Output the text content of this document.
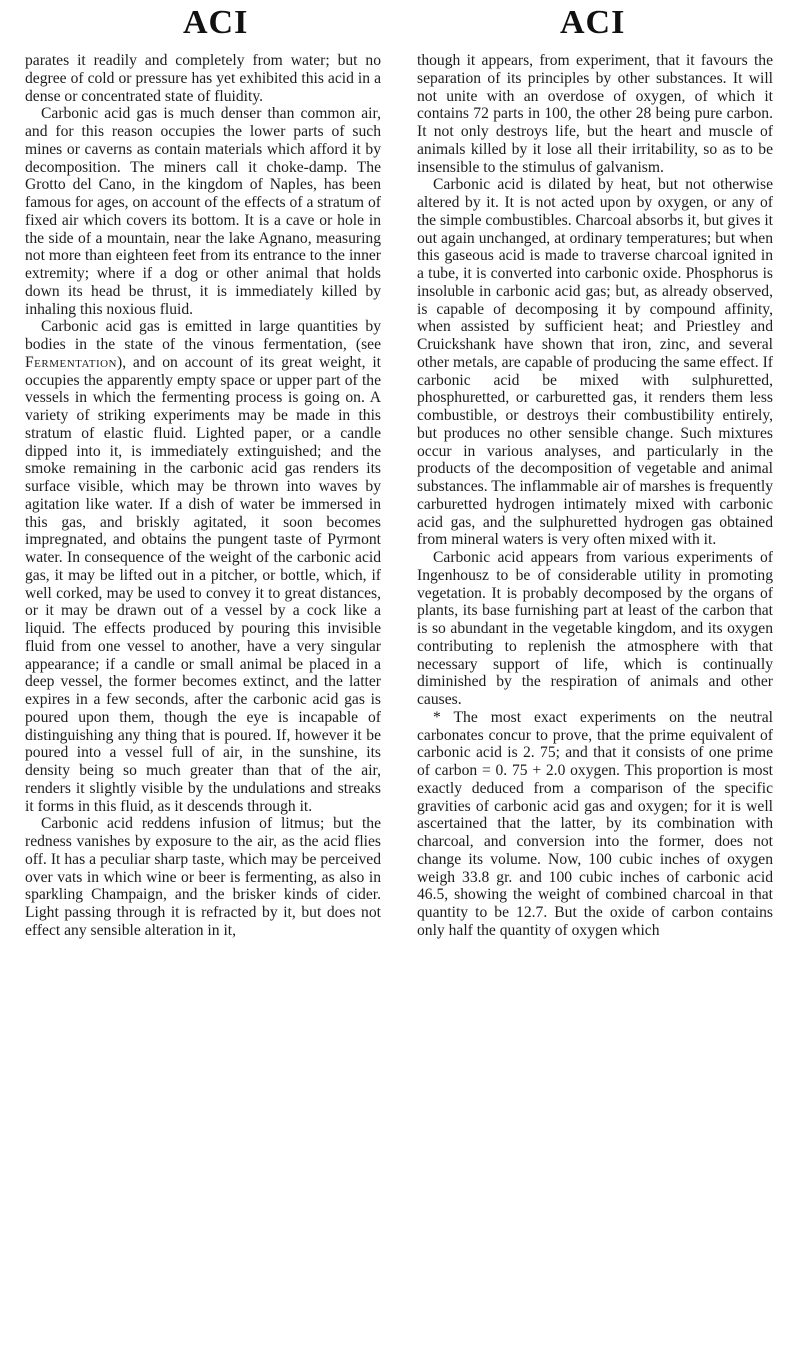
ACI	ACI

parates it readily and completely from water; but no degree of cold or pressure has yet exhibited this acid in a dense or concentrated state of fluidity.

Carbonic acid gas is much denser than common air, and for this reason occupies the lower parts of such mines or caverns as contain materials which afford it by decomposition. The miners call it choke-damp. The Grotto del Cano, in the kingdom of Naples, has been famous for ages, on account of the effects of a stratum of fixed air which covers its bottom. It is a cave or hole in the side of a mountain, near the lake Agnano, measuring not more than eighteen feet from its entrance to the inner extremity; where if a dog or other animal that holds down its head be thrust, it is immediately killed by inhaling this noxious fluid.

Carbonic acid gas is emitted in large quantities by bodies in the state of the vinous fermentation, (see Fermentation), and on account of its great weight, it occupies the apparently empty space or upper part of the vessels in which the fermenting process is going on. A variety of striking experiments may be made in this stratum of elastic fluid. Lighted paper, or a candle dipped into it, is immediately extinguished; and the smoke remaining in the carbonic acid gas renders its surface visible, which may be thrown into waves by agitation like water. If a dish of water be immersed in this gas, and briskly agitated, it soon becomes impregnated, and obtains the pungent taste of Pyrmont water. In consequence of the weight of the carbonic acid gas, it may be lifted out in a pitcher, or bottle, which, if well corked, may be used to convey it to great distances, or it may be drawn out of a vessel by a cock like a liquid. The effects produced by pouring this invisible fluid from one vessel to another, have a very singular appearance; if a candle or small animal be placed in a deep vessel, the former becomes extinct, and the latter expires in a few seconds, after the carbonic acid gas is poured upon them, though the eye is incapable of distinguishing any thing that is poured. If, however it be poured into a vessel full of air, in the sunshine, its density being so much greater than that of the air, renders it slightly visible by the undulations and streaks it forms in this fluid, as it descends through it.

Carbonic acid reddens infusion of litmus; but the redness vanishes by exposure to the air, as the acid flies off. It has a peculiar sharp taste, which may be perceived over vats in which wine or beer is fermenting, as also in sparkling Champaign, and the brisker kinds of cider. Light passing through it is refracted by it, but does not effect any sensible alteration in it,

though it appears, from experiment, that it favours the separation of its principles by other substances. It will not unite with an overdose of oxygen, of which it contains 72 parts in 100, the other 28 being pure carbon. It not only destroys life, but the heart and muscle of animals killed by it lose all their irritability, so as to be insensible to the stimulus of galvanism.

Carbonic acid is dilated by heat, but not otherwise altered by it. It is not acted upon by oxygen, or any of the simple combustibles. Charcoal absorbs it, but gives it out again unchanged, at ordinary temperatures; but when this gaseous acid is made to traverse charcoal ignited in a tube, it is converted into carbonic oxide. Phosphorus is insoluble in carbonic acid gas; but, as already observed, is capable of decomposing it by compound affinity, when assisted by sufficient heat; and Priestley and Cruickshank have shown that iron, zinc, and several other metals, are capable of producing the same effect. If carbonic acid be mixed with sulphuretted, phosphuretted, or carburetted gas, it renders them less combustible, or destroys their combustibility entirely, but produces no other sensible change. Such mixtures occur in various analyses, and particularly in the products of the decomposition of vegetable and animal substances. The inflammable air of marshes is frequently carburetted hydrogen intimately mixed with carbonic acid gas, and the sulphuretted hydrogen gas obtained from mineral waters is very often mixed with it.

Carbonic acid appears from various experiments of Ingenhousz to be of considerable utility in promoting vegetation. It is probably decomposed by the organs of plants, its base furnishing part at least of the carbon that is so abundant in the vegetable kingdom, and its oxygen contributing to replenish the atmosphere with that necessary support of life, which is continually diminished by the respiration of animals and other causes.

* The most exact experiments on the neutral carbonates concur to prove, that the prime equivalent of carbonic acid is 2. 75; and that it consists of one prime of carbon = 0. 75 + 2.0 oxygen. This proportion is most exactly deduced from a comparison of the specific gravities of carbonic acid gas and oxygen; for it is well ascertained that the latter, by its combination with charcoal, and conversion into the former, does not change its volume. Now, 100 cubic inches of oxygen weigh 33.8 gr. and 100 cubic inches of carbonic acid 46.5, showing the weight of combined charcoal in that quantity to be 12.7. But the oxide of carbon contains only half the quantity of oxygen which
